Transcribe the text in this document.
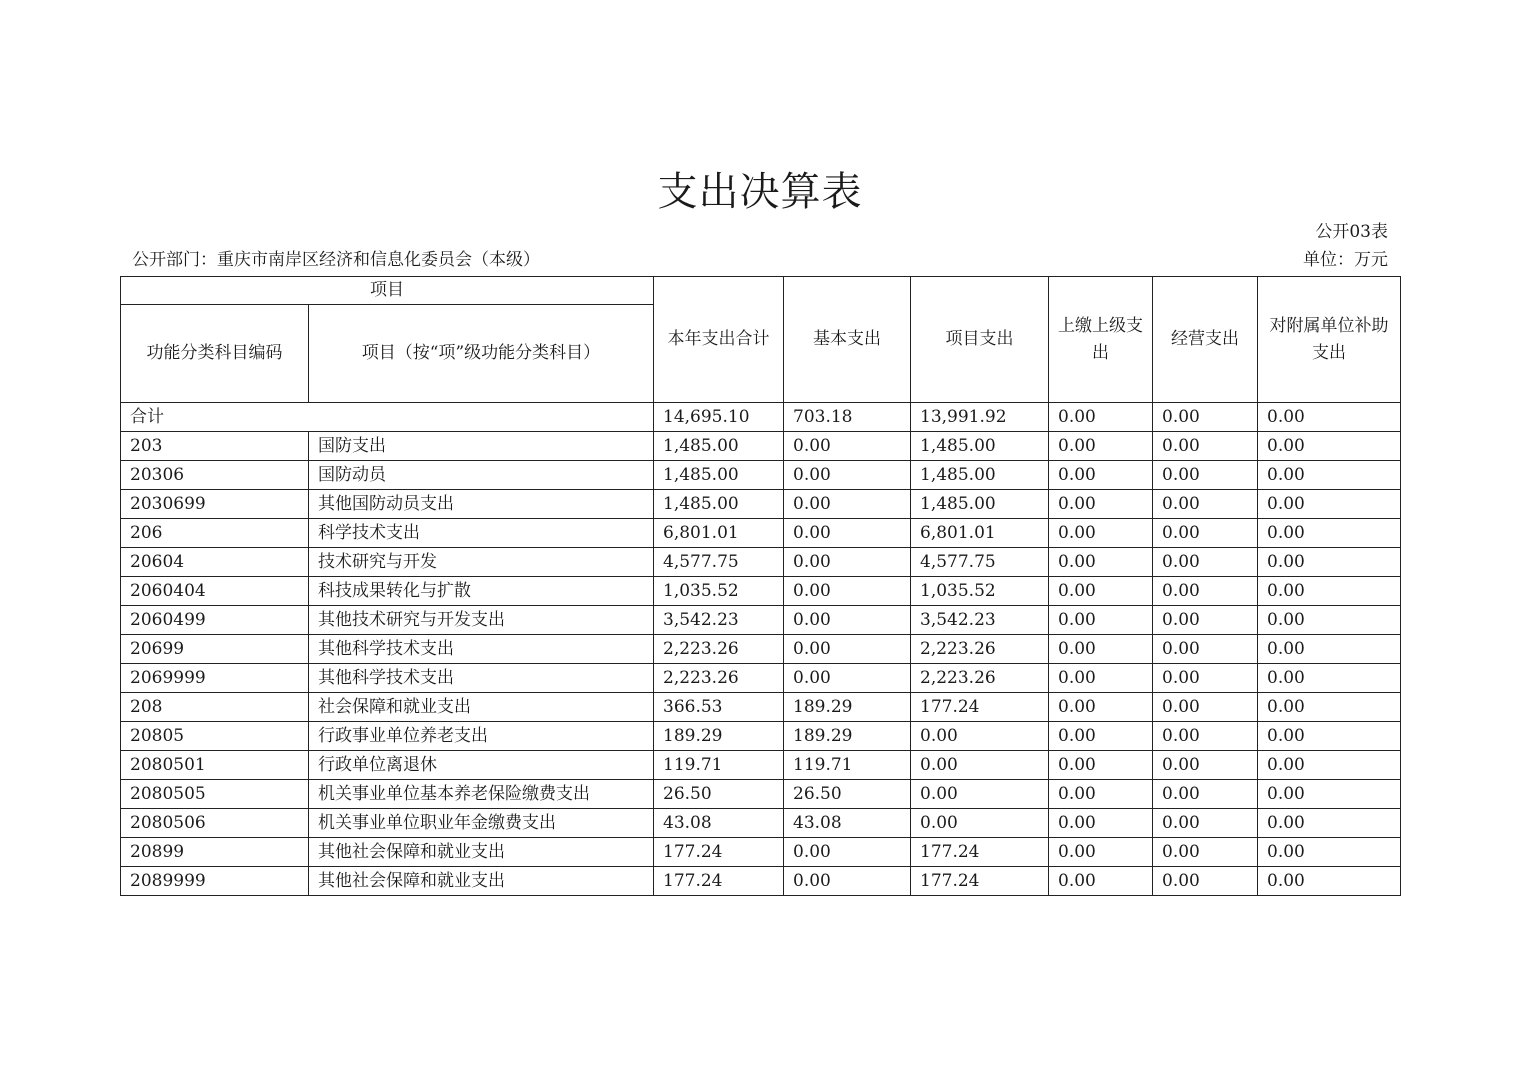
支出决算表
公开03表
公开部门：重庆市南岸区经济和信息化委员会（本级）	单位：万元
项目		本年支出合计	基本支出	项目支出	上缴上级支出	经营支出	对附属单位补助支出
功能分类科目编码	项目（按“项”级功能分类科目）						
合计		14,695.10	703.18	13,991.92	0.00	0.00	0.00
203	国防支出	1,485.00	0.00	1,485.00	0.00	0.00	0.00
20306	国防动员	1,485.00	0.00	1,485.00	0.00	0.00	0.00
2030699	其他国防动员支出	1,485.00	0.00	1,485.00	0.00	0.00	0.00
206	科学技术支出	6,801.01	0.00	6,801.01	0.00	0.00	0.00
20604	技术研究与开发	4,577.75	0.00	4,577.75	0.00	0.00	0.00
2060404	科技成果转化与扩散	1,035.52	0.00	1,035.52	0.00	0.00	0.00
2060499	其他技术研究与开发支出	3,542.23	0.00	3,542.23	0.00	0.00	0.00
20699	其他科学技术支出	2,223.26	0.00	2,223.26	0.00	0.00	0.00
2069999	其他科学技术支出	2,223.26	0.00	2,223.26	0.00	0.00	0.00
208	社会保障和就业支出	366.53	189.29	177.24	0.00	0.00	0.00
20805	行政事业单位养老支出	189.29	189.29	0.00	0.00	0.00	0.00
2080501	行政单位离退休	119.71	119.71	0.00	0.00	0.00	0.00
2080505	机关事业单位基本养老保险缴费支出	26.50	26.50	0.00	0.00	0.00	0.00
2080506	机关事业单位职业年金缴费支出	43.08	43.08	0.00	0.00	0.00	0.00
20899	其他社会保障和就业支出	177.24	0.00	177.24	0.00	0.00	0.00
2089999	其他社会保障和就业支出	177.24	0.00	177.24	0.00	0.00	0.00
